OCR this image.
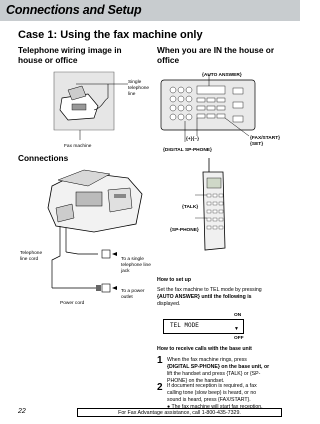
Connections and Setup
Case 1: Using the fax machine only
Telephone wiring image in
house or office
Single
telephone
line
Fax machine
Connections
Telephone
line cord	To a single
telephone line
jack
To a power
outlet
Power cord
When you are IN the house or
office
{AUTO ANSWER}
{+}{–}	{FAX/START}
{SET}
{DIGITAL SP-PHONE}
{TALK}
{SP-PHONE}
How to set up
Set the fax machine to TEL mode by pressing
{AUTO ANSWER} until the following is
displayed.
ON
TEL MODE	▼
OFF
How to receive calls with the base unit
1 When the fax machine rings, press
{DIGITAL SP-PHONE} on the base unit, or
lift the handset and press {TALK} or {SP-
PHONE} on the handset.
2 If document reception is required, a fax
calling tone (slow beep) is heard, or no
sound is heard, press {FAX/START}.
● The fax machine will start fax reception.
22	For Fax Advantage assistance, call 1-800-435-7329.
